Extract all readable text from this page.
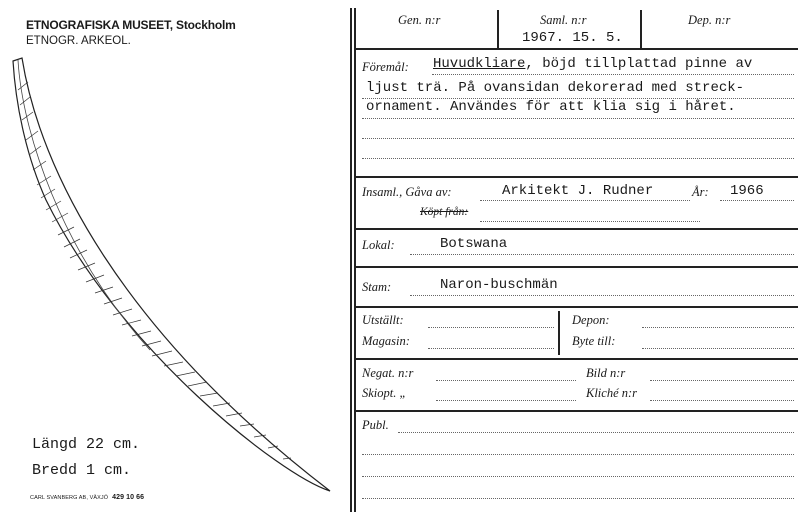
ETNOGRAFISKA MUSEET, Stockholm
ETNOGR. ARKEOL.
Längd 22 cm.
Bredd 1 cm.
CARL SVANBERG AB, VÄXJÖ 429 10 66
Gen. n:r	Saml. n:r
1967. 15. 5.
Dep. n:r
Föremål: Huvudkliare, böjd tillplattad pinne av
ljust trä. På ovansidan dekorerad med streck-
ornament. Användes för att klia sig i håret.
Insaml., Gåva av:	Arkitekt J. Rudner	År: 1966
Köpt från:
Lokal:	Botswana
Stam:	Naron-buschmän
Utställt:
Magasin:
Depon:
Byte till:
Negat. n:r	Bild n:r
Skiopt. „	Kliché n:r
Publ.
